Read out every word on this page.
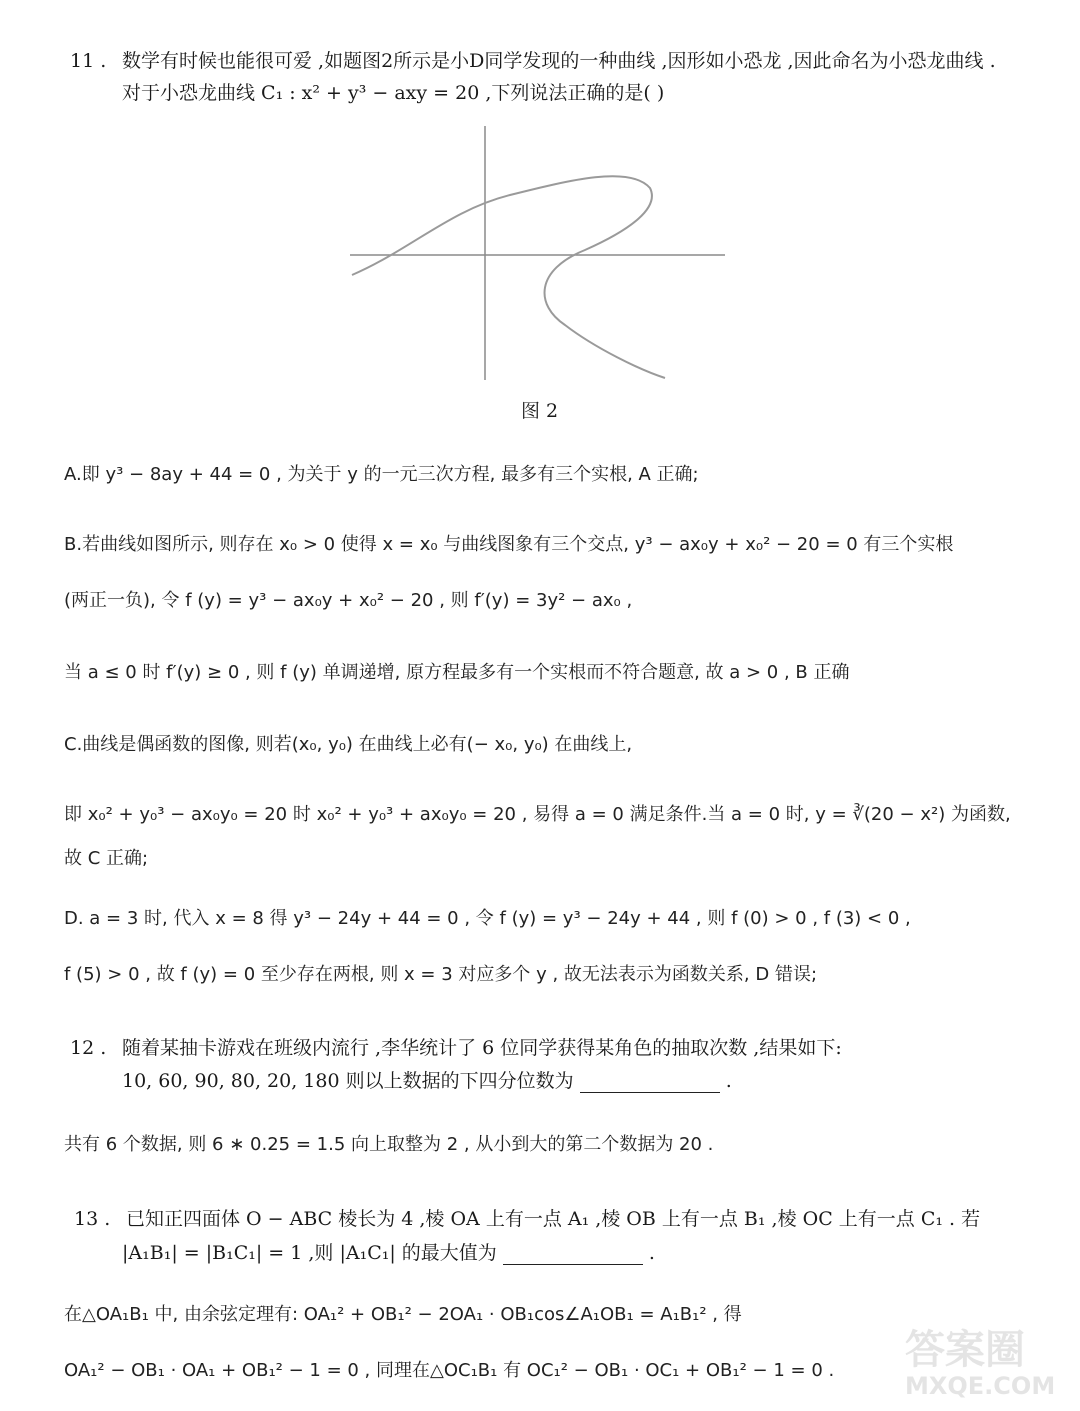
11 . 数学有时候也能很可爱 ,如题图2所示是小D同学发现的一种曲线 ,因形如小恐龙 ,因此命名为小恐龙曲线 .
对于小恐龙曲线 C₁ : x² + y³ − axy = 20 ,下列说法正确的是( )
图 2
A.即 y³ − 8ay + 44 = 0 , 为关于 y 的一元三次方程, 最多有三个实根, A 正确;
B.若曲线如图所示, 则存在 x₀ > 0 使得 x = x₀ 与曲线图象有三个交点, y³ − ax₀y + x₀² − 20 = 0 有三个实根
(两正一负), 令 f (y) = y³ − ax₀y + x₀² − 20 , 则 f′(y) = 3y² − ax₀ ,
当 a ≤ 0 时 f′(y) ≥ 0 , 则 f (y) 单调递增, 原方程最多有一个实根而不符合题意, 故 a > 0 , B 正确
C.曲线是偶函数的图像, 则若(x₀, y₀) 在曲线上必有(− x₀, y₀) 在曲线上,
即 x₀² + y₀³ − ax₀y₀ = 20 时 x₀² + y₀³ + ax₀y₀ = 20 , 易得 a = 0 满足条件.当 a = 0 时, y = ∛(20 − x²) 为函数,
故 C 正确;
D. a = 3 时, 代入 x = 8 得 y³ − 24y + 44 = 0 , 令 f (y) = y³ − 24y + 44 , 则 f (0) > 0 , f (3) < 0 ,
f (5) > 0 , 故 f (y) = 0 至少存在两根, 则 x = 3 对应多个 y , 故无法表示为函数关系, D 错误;
12 . 随着某抽卡游戏在班级内流行 ,李华统计了 6 位同学获得某角色的抽取次数 ,结果如下:
10, 60, 90, 80, 20, 180 则以上数据的下四分位数为	.
共有 6 个数据, 则 6 ∗ 0.25 = 1.5 向上取整为 2 , 从小到大的第二个数据为 20 .
13 . 已知正四面体 O − ABC 棱长为 4 ,棱 OA 上有一点 A₁ ,棱 OB 上有一点 B₁ ,棱 OC 上有一点 C₁ . 若
|A₁B₁| = |B₁C₁| = 1 ,则 |A₁C₁| 的最大值为	.
在△OA₁B₁ 中, 由余弦定理有: OA₁² + OB₁² − 2OA₁ · OB₁cos∠A₁OB₁ = A₁B₁² , 得
OA₁² − OB₁ · OA₁ + OB₁² − 1 = 0 , 同理在△OC₁B₁ 有 OC₁² − OB₁ · OC₁ + OB₁² − 1 = 0 . 答案圈
MXQE.COM
